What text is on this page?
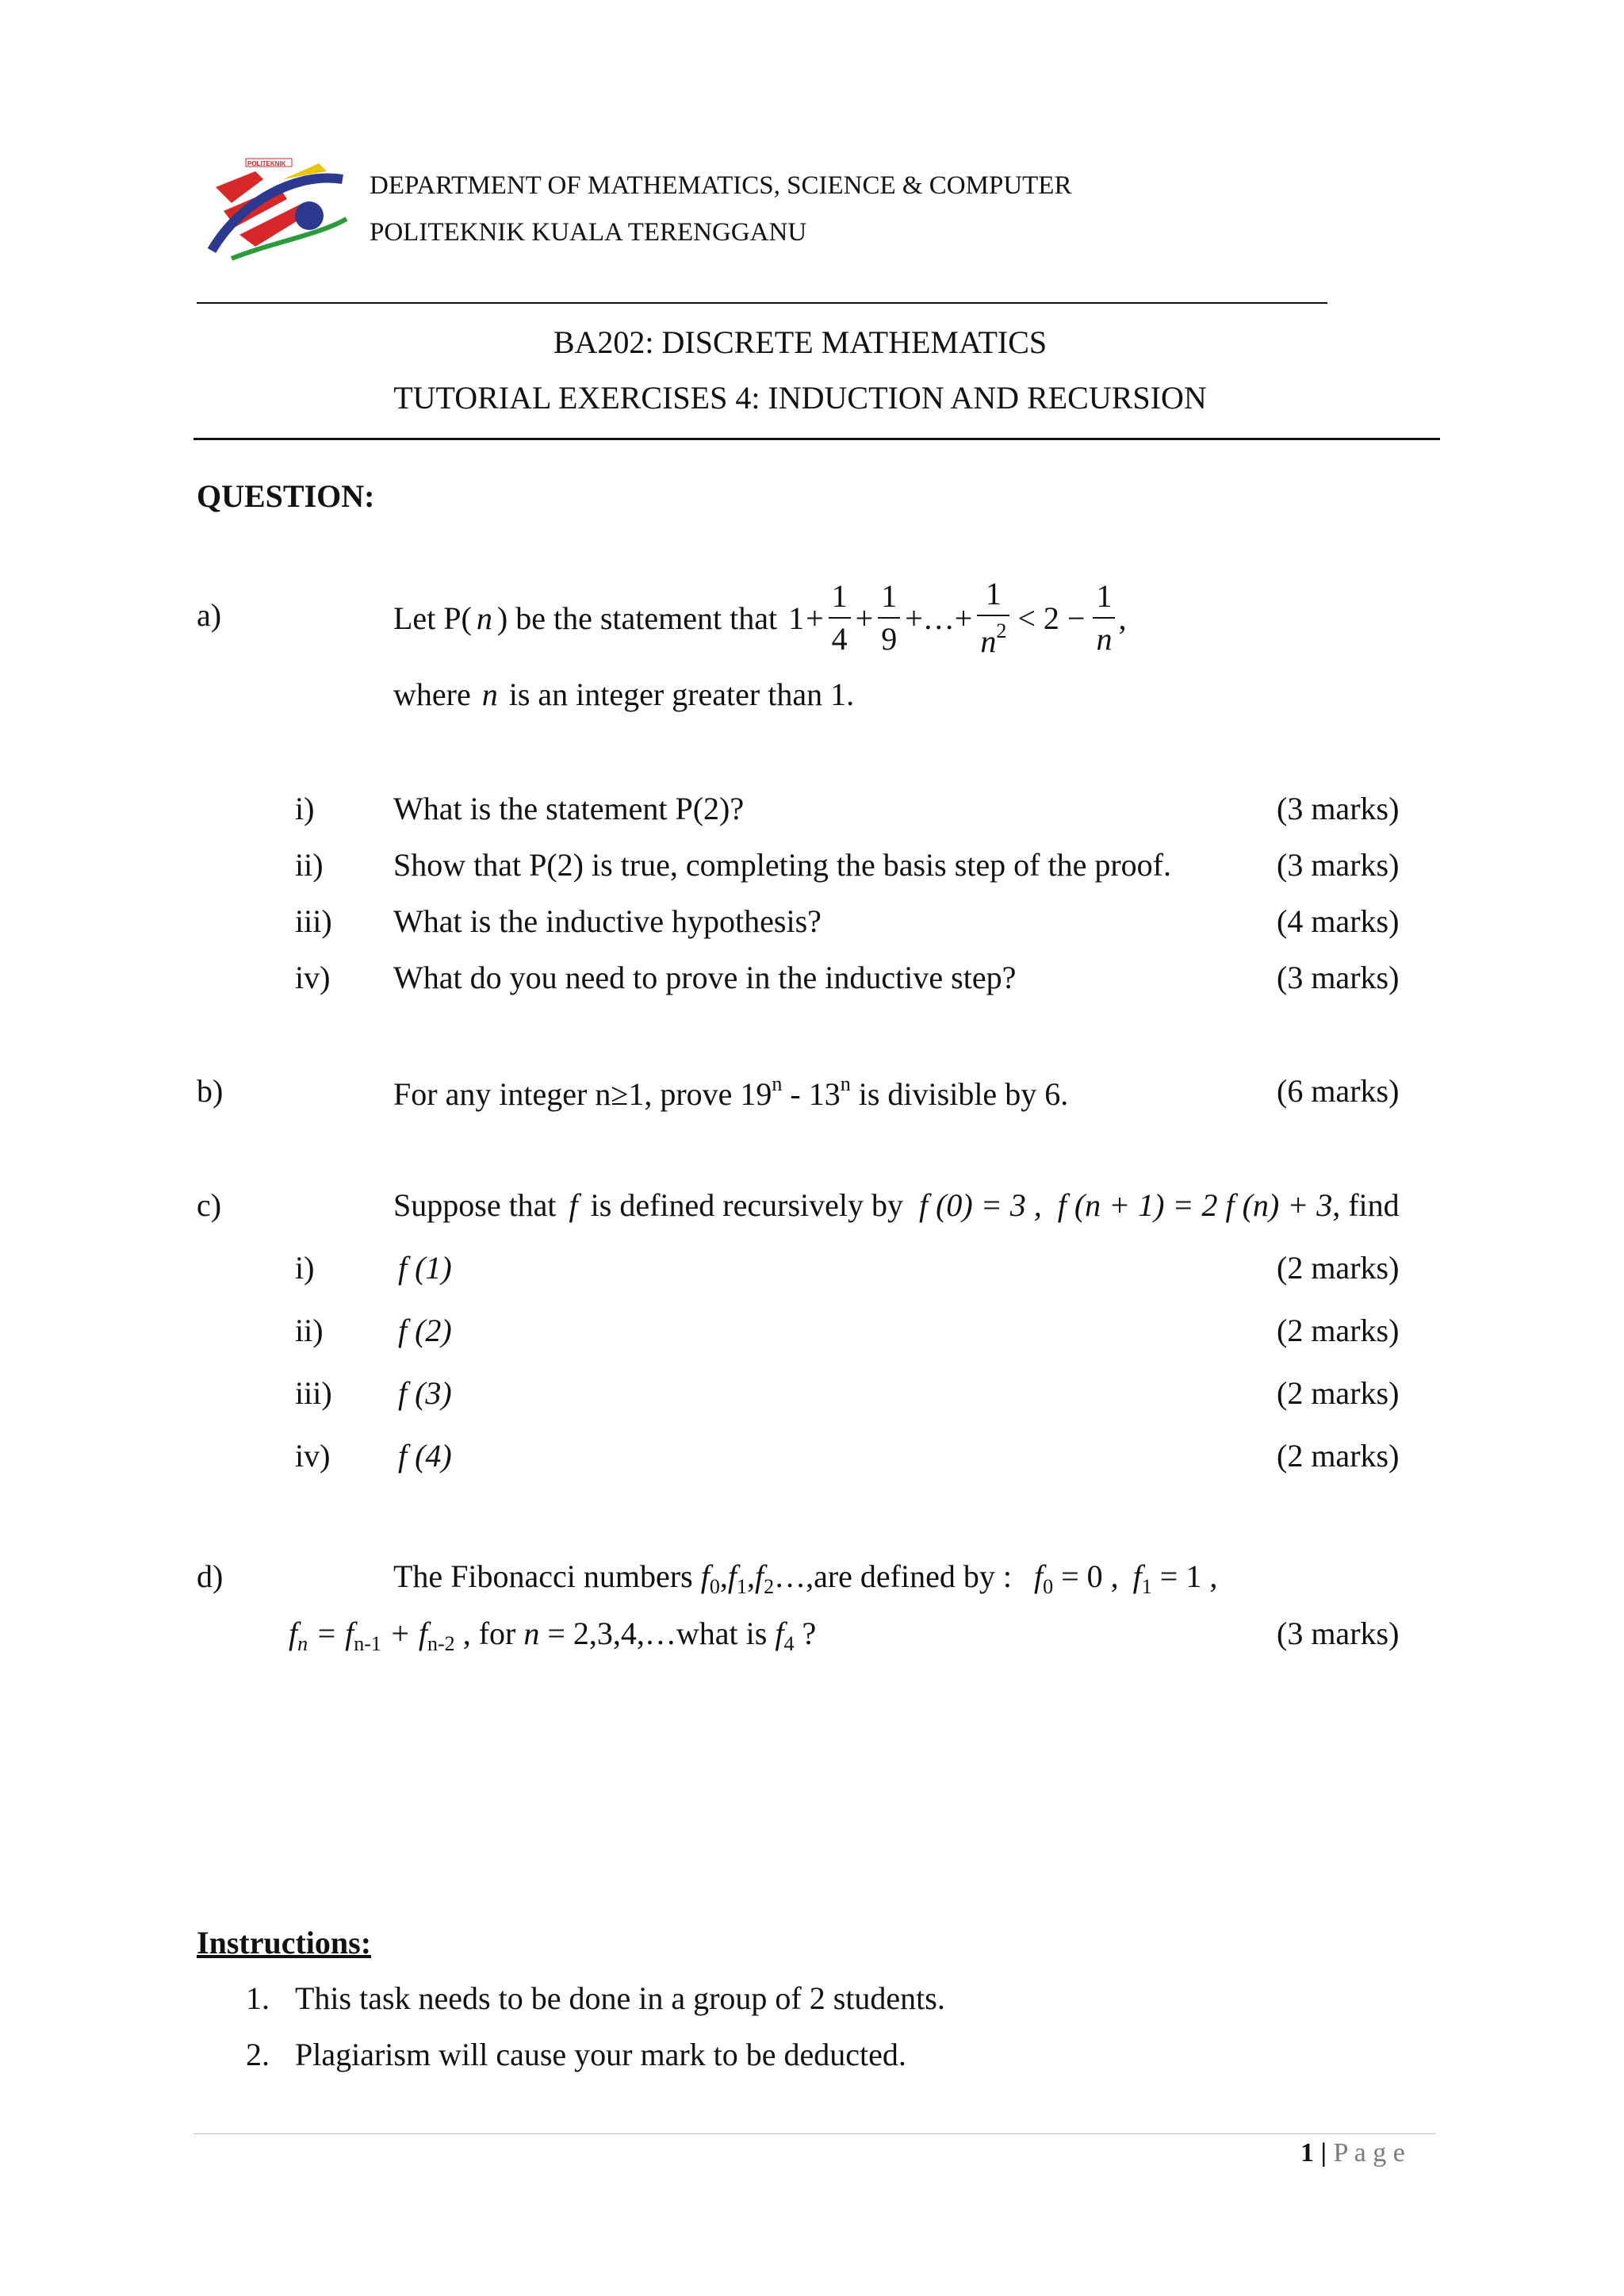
POLITEKNIK
DEPARTMENT OF MATHEMATICS, SCIENCE & COMPUTER
POLITEKNIK KUALA TERENGGANU
BA202: DISCRETE MATHEMATICS
TUTORIAL EXERCISES 4: INDUCTION AND RECURSION
QUESTION:
a)	Let P( n ) be the statement that $1 + \frac{1}{4} + \frac{1}{9}$ +…+ $\frac{1}{n^2} < 2 - \frac{1}{n}$ ,
where n is an integer greater than 1.
i) What is the statement P(2)?	(3 marks)
ii) Show that P(2) is true, completing the basis step of the proof.	(3 marks)
iii) What is the inductive hypothesis?	(4 marks)
iv) What do you need to prove in the inductive step?	(3 marks)
b)	For any integer n≥1, prove 19$^n$ - 13$^n$ is divisible by 6.	(6 marks)
c)	Suppose that f is defined recursively by f (0) = 3 , f (n + 1) = 2 f (n) + 3, find
i)	f (1)	(2 marks)
ii) f (2)	(2 marks)
iii) f (3)	(2 marks)
iv) f (4)	(2 marks)
d)	The Fibonacci numbers $f_0,f_1,f_2\dots,are$ defined by : $f_0 = 0$ , $f_1 = 1$ ,
$f_n = f_{n-1} + f_{n-2}$ , for n = 2,3,4,…what is $f_4$ ?	(3 marks)
Instructions:
1. This task needs to be done in a group of 2 students.
2. Plagiarism will cause your mark to be deducted.
1 | P a g e
